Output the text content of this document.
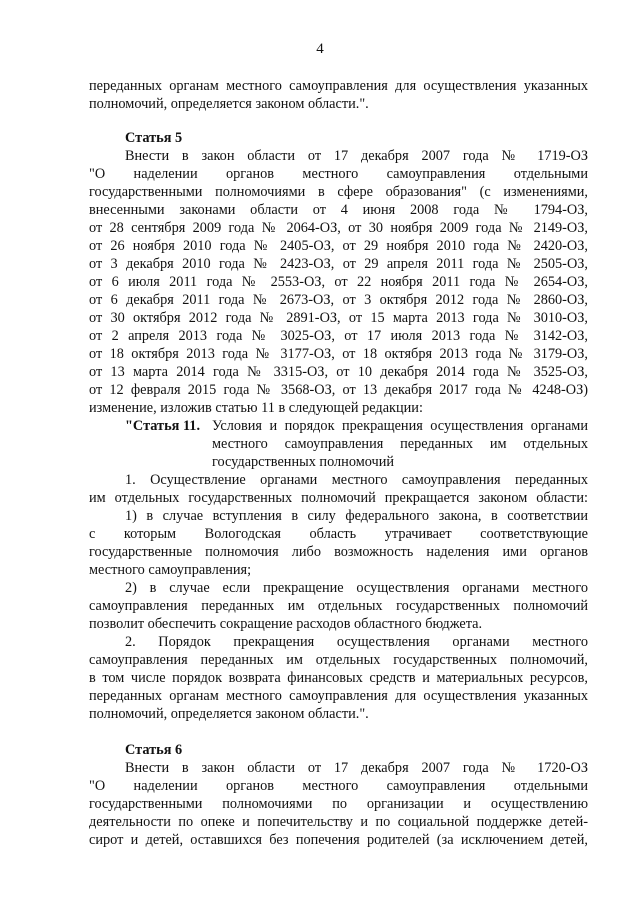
4
переданных органам местного самоуправления для осуществления указанных
полномочий, определяется законом области.".
Статья 5
Внести в закон области от 17 декабря 2007 года № 1719-ОЗ
"О наделении органов местного самоуправления отдельными
государственными полномочиями в сфере образования" (с изменениями,
внесенными законами области от 4 июня 2008 года № 1794-ОЗ,
от 28 сентября 2009 года № 2064-ОЗ, от 30 ноября 2009 года № 2149-ОЗ,
от 26 ноября 2010 года № 2405-ОЗ, от 29 ноября 2010 года № 2420-ОЗ,
от 3 декабря 2010 года № 2423-ОЗ, от 29 апреля 2011 года № 2505-ОЗ,
от 6 июля 2011 года № 2553-ОЗ, от 22 ноября 2011 года № 2654-ОЗ,
от 6 декабря 2011 года № 2673-ОЗ, от 3 октября 2012 года № 2860-ОЗ,
от 30 октября 2012 года № 2891-ОЗ, от 15 марта 2013 года № 3010-ОЗ,
от 2 апреля 2013 года № 3025-ОЗ, от 17 июля 2013 года № 3142-ОЗ,
от 18 октября 2013 года № 3177-ОЗ, от 18 октября 2013 года № 3179-ОЗ,
от 13 марта 2014 года № 3315-ОЗ, от 10 декабря 2014 года № 3525-ОЗ,
от 12 февраля 2015 года № 3568-ОЗ, от 13 декабря 2017 года № 4248-ОЗ)
изменение, изложив статью 11 в следующей редакции:
"Статья 11. Условия и порядок прекращения осуществления органами
местного самоуправления переданных им отдельных
государственных полномочий
1. Осуществление органами местного самоуправления переданных
им отдельных государственных полномочий прекращается законом области:
1) в случае вступления в силу федерального закона, в соответствии
с которым Вологодская область утрачивает соответствующие
государственные полномочия либо возможность наделения ими органов
местного самоуправления;
2) в случае если прекращение осуществления органами местного
самоуправления переданных им отдельных государственных полномочий
позволит обеспечить сокращение расходов областного бюджета.
2. Порядок прекращения осуществления органами местного
самоуправления переданных им отдельных государственных полномочий,
в том числе порядок возврата финансовых средств и материальных ресурсов,
переданных органам местного самоуправления для осуществления указанных
полномочий, определяется законом области.".
Статья 6
Внести в закон области от 17 декабря 2007 года № 1720-ОЗ
"О наделении органов местного самоуправления отдельными
государственными полномочиями по организации и осуществлению
деятельности по опеке и попечительству и по социальной поддержке детей-
сирот и детей, оставшихся без попечения родителей (за исключением детей,
